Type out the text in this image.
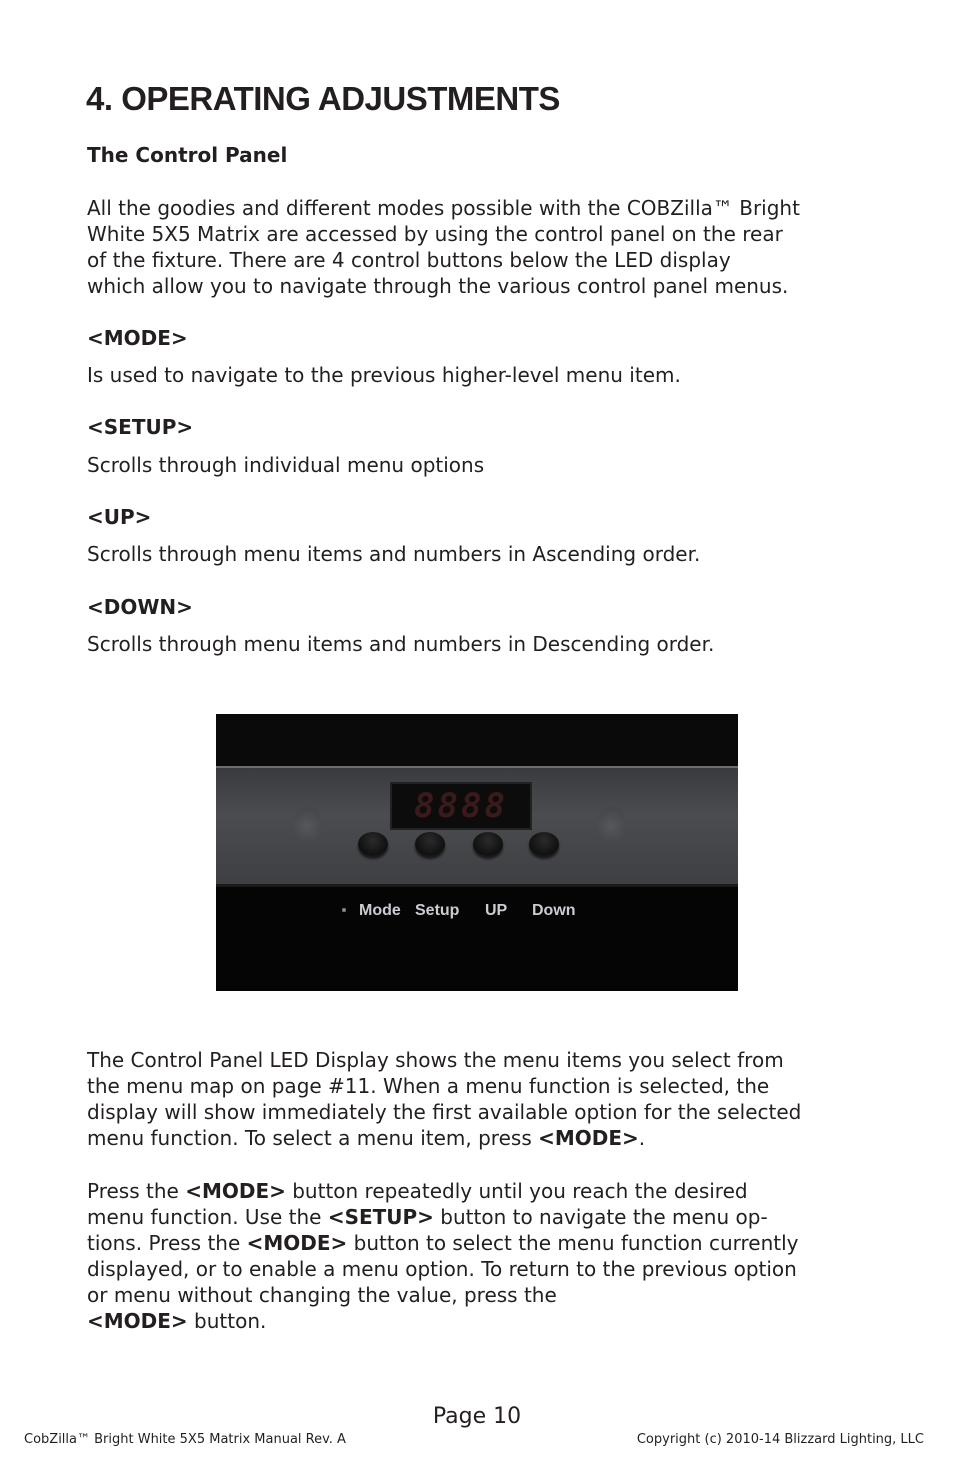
4. OPERATING ADJUSTMENTS

The Control Panel

All the goodies and different modes possible with the COBZilla™ Bright
White 5X5 Matrix are accessed by using the control panel on the rear
of the fixture. There are 4 control buttons below the LED display
which allow you to navigate through the various control panel menus.

<MODE>

Is used to navigate to the previous higher-level menu item.

<SETUP>

Scrolls through individual menu options

<UP>

Scrolls through menu items and numbers in Ascending order.

<DOWN>

Scrolls through menu items and numbers in Descending order.

8888
Mode Setup UP Down
The Control Panel LED Display shows the menu items you select from
the menu map on page #11. When a menu function is selected, the
display will show immediately the first available option for the selected
menu function. To select a menu item, press <MODE>.
Press the <MODE> button repeatedly until you reach the desired
menu function. Use the <SETUP> button to navigate the menu op-
tions. Press the <MODE> button to select the menu function currently
displayed, or to enable a menu option. To return to the previous option
or menu without changing the value, press the
<MODE> button.

Page 10

CobZilla™ Bright White 5X5 Matrix Manual Rev. A	Copyright (c) 2010-14 Blizzard Lighting, LLC
